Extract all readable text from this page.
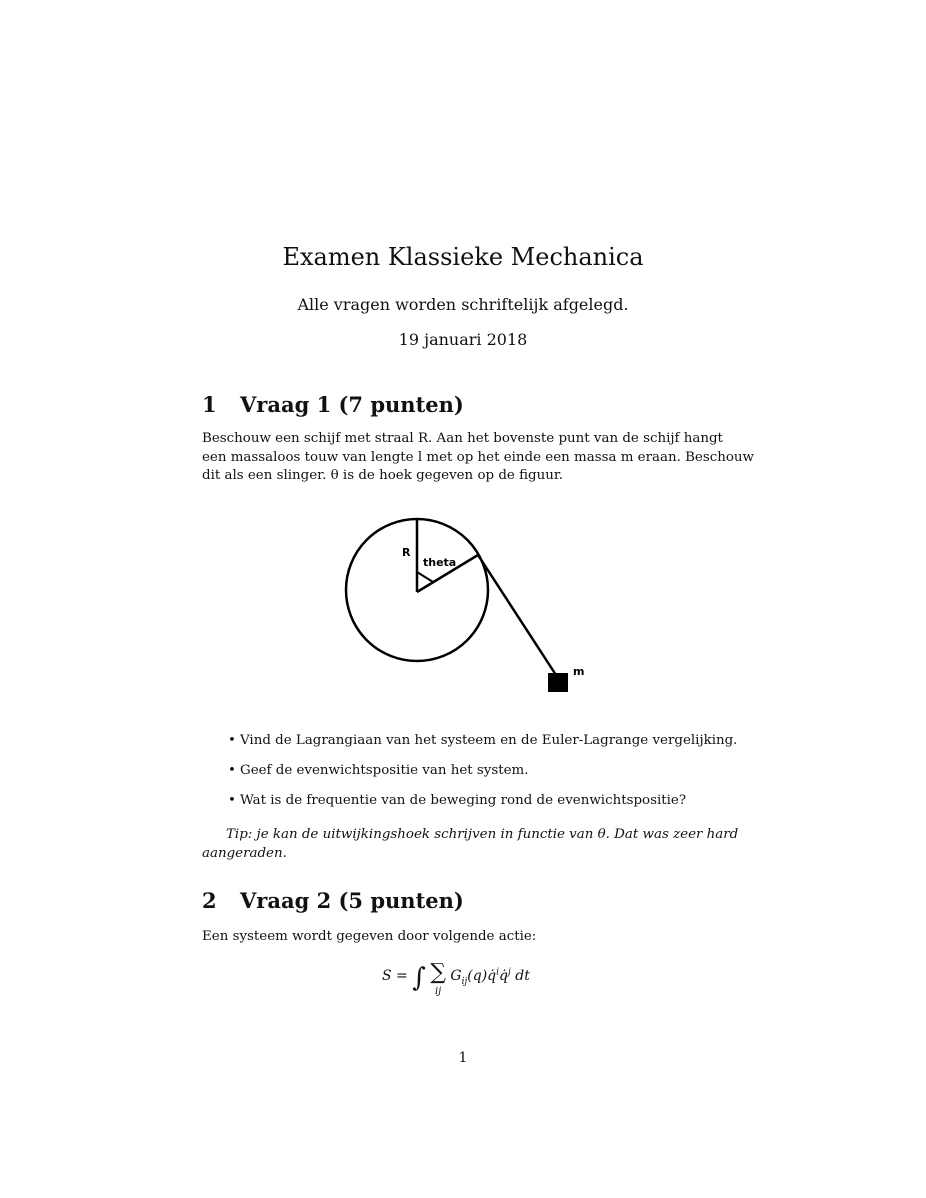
Examen Klassieke Mechanica
Alle vragen worden schriftelijk afgelegd.
19 januari 2018
1 Vraag 1 (7 punten)
Beschouw een schijf met straal R. Aan het bovenste punt van de schijf hangt
een massaloos touw van lengte l met op het einde een massa m eraan. Beschouw
dit als een slinger. θ is de hoek gegeven op de figuur.
R
theta
m
• Vind de Lagrangiaan van het systeem en de Euler-Lagrange vergelijking.
• Geef de evenwichtspositie van het system.
• Wat is de frequentie van de beweging rond de evenwichtspositie?
Tip: je kan de uitwijkingshoek schrijven in functie van θ. Dat was zeer hard
aangeraden.
2 Vraag 2 (5 punten)
Een systeem wordt gegeven door volgende actie:
S = ∫ ∑
ij
$G_{ij}(q)q̇^iq̇^j$ dt
1
